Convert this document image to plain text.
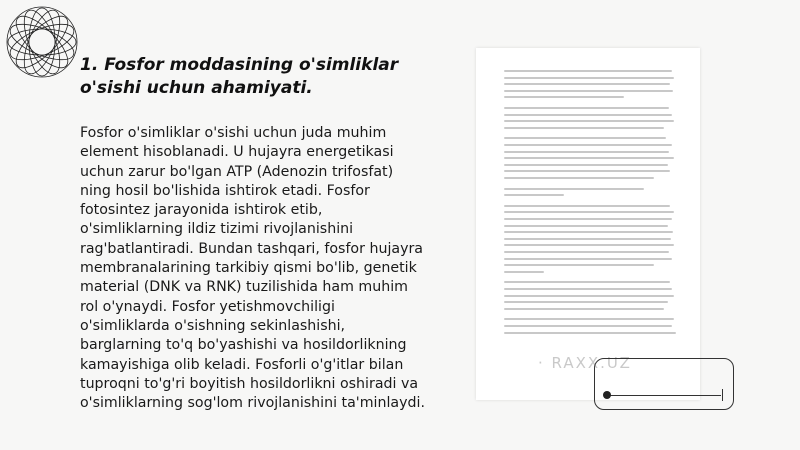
1. Fosfor moddasining o'simliklar o'sishi uchun ahamiyati.

Fosfor o'simliklar o'sishi uchun juda muhim element hisoblanadi. U hujayra energetikasi uchun zarur bo'lgan ATP (Adenozin trifosfat) ning hosil bo'lishida ishtirok etadi. Fosfor fotosintez jarayonida ishtirok etib, o'simliklarning ildiz tizimi rivojlanishini rag'batlantiradi. Bundan tashqari, fosfor hujayra membranalarining tarkibiy qismi bo'lib, genetik material (DNK va RNK) tuzilishida ham muhim rol o'ynaydi. Fosfor yetishmovchiligi o'simliklarda o'sishning sekinlashishi, barglarning to'q bo'yashishi va hosildorlikning kamayishiga olib keladi. Fosforli o'g'itlar bilan tuproqni to'g'ri boyitish hosildorlikni oshiradi va o'simliklarning sog'lom rivojlanishini ta'minlaydi.

· RAXX.UZ
